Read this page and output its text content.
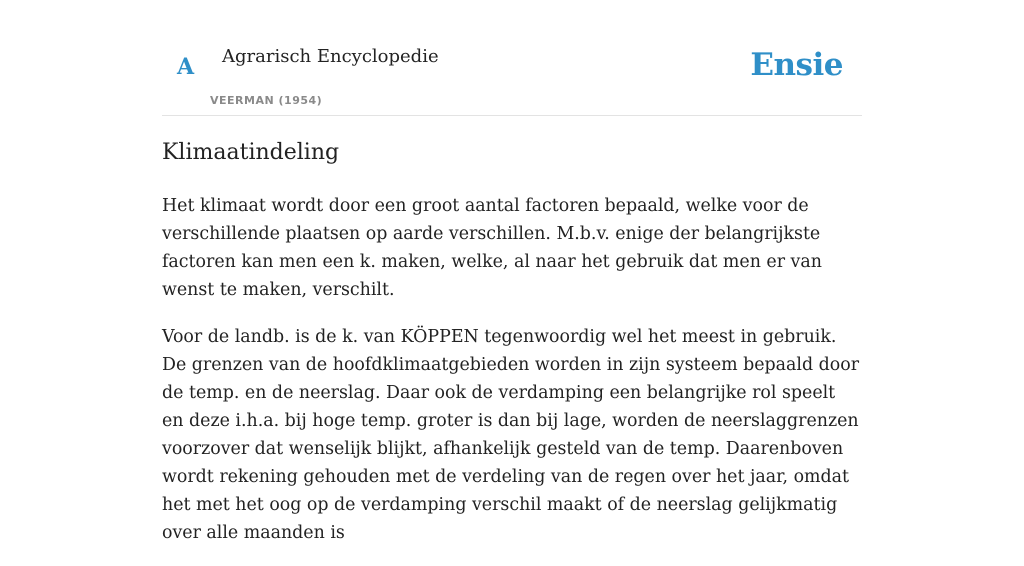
A Agrarisch Encyclopedie
VEERMAN (1954)
Ensie
Klimaatindeling

Het klimaat wordt door een groot aantal factoren bepaald, welke voor de verschillende plaatsen op aarde verschillen. M.b.v. enige der belangrijkste factoren kan men een k. maken, welke, al naar het gebruik dat men er van wenst te maken, verschilt.

Voor de landb. is de k. van KÖPPEN tegenwoordig wel het meest in gebruik. De grenzen van de hoofdklimaatgebieden worden in zijn systeem bepaald door de temp. en de neerslag. Daar ook de verdamping een belangrijke rol speelt en deze i.h.a. bij hoge temp. groter is dan bij lage, worden de neerslaggrenzen voorzover dat wenselijk blijkt, afhankelijk gesteld van de temp. Daarenboven wordt rekening gehouden met de verdeling van de regen over het jaar, omdat het met het oog op de verdamping verschil maakt of de neerslag gelijkmatig over alle maanden is
